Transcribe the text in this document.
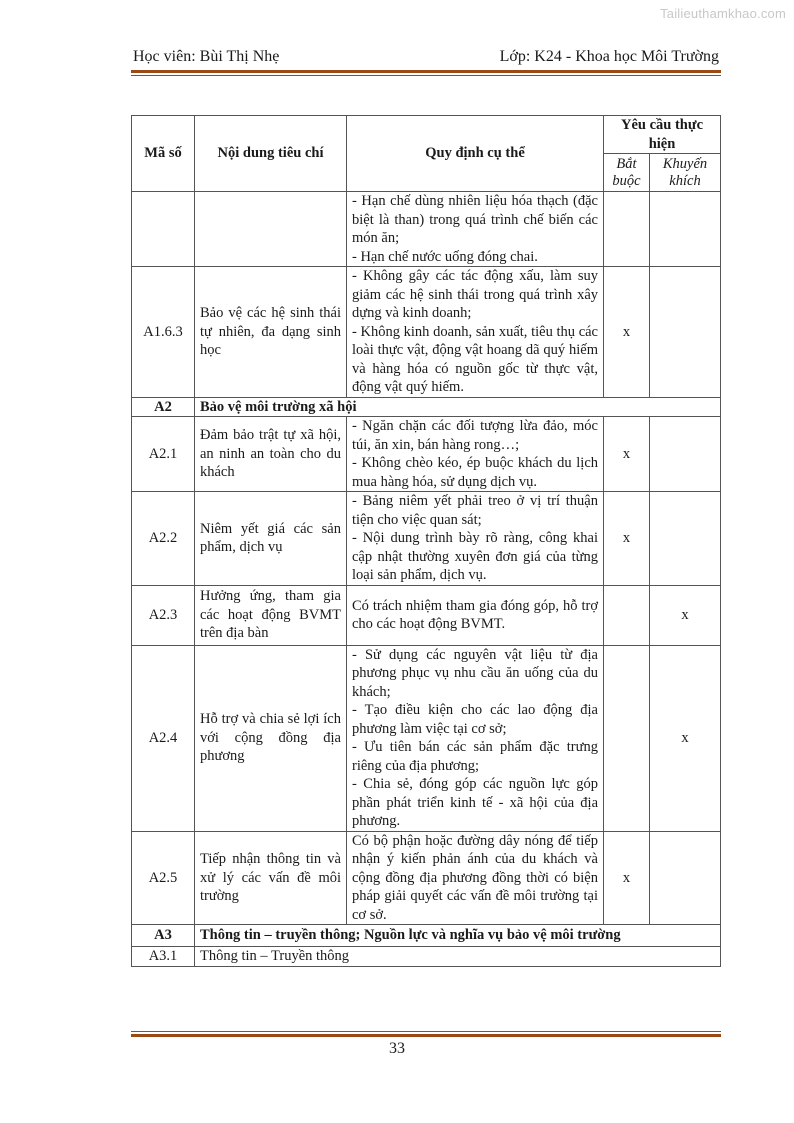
Tailieuthamkhao.com
Học viên: Bùi Thị Nhẹ	Lớp: K24 - Khoa học Môi Trường
Mã số	Nội dung tiêu chí	Quy định cụ thể	Yêu cầu thực hiện	
			Bắt buộc	Khuyến khích
		- Hạn chế dùng nhiên liệu hóa thạch (đặc biệt là than) trong quá trình chế biến các món ăn;
- Hạn chế nước uống đóng chai.		
A1.6.3	Bảo vệ các hệ sinh thái tự nhiên, đa dạng sinh học	- Không gây các tác động xấu, làm suy giảm các hệ sinh thái trong quá trình xây dựng và kinh doanh;
- Không kinh doanh, sản xuất, tiêu thụ các loài thực vật, động vật hoang dã quý hiếm và hàng hóa có nguồn gốc từ thực vật, động vật quý hiếm.	x	
A2	Bảo vệ môi trường xã hội			
A2.1	Đảm bảo trật tự xã hội, an ninh an toàn cho du khách	- Ngăn chặn các đối tượng lừa đảo, móc túi, ăn xin, bán hàng rong…;
- Không chèo kéo, ép buộc khách du lịch mua hàng hóa, sử dụng dịch vụ.	x	
A2.2	Niêm yết giá các sản phẩm, dịch vụ	- Bảng niêm yết phải treo ở vị trí thuận tiện cho việc quan sát;
- Nội dung trình bày rõ ràng, công khai cập nhật thường xuyên đơn giá của từng loại sản phẩm, dịch vụ.	x	
A2.3	Hưởng ứng, tham gia các hoạt động BVMT trên địa bàn	Có trách nhiệm tham gia đóng góp, hỗ trợ cho các hoạt động BVMT.		x
A2.4	Hỗ trợ và chia sẻ lợi ích với cộng đồng địa phương	- Sử dụng các nguyên vật liệu từ địa phương phục vụ nhu cầu ăn uống của du khách;
- Tạo điều kiện cho các lao động địa phương làm việc tại cơ sở;
- Ưu tiên bán các sản phẩm đặc trưng riêng của địa phương;
- Chia sẻ, đóng góp các nguồn lực góp phần phát triển kinh tế - xã hội của địa phương.		x
A2.5	Tiếp nhận thông tin và xử lý các vấn đề môi trường	Có bộ phận hoặc đường dây nóng để tiếp nhận ý kiến phản ánh của du khách và cộng đồng địa phương đồng thời có biện pháp giải quyết các vấn đề môi trường tại cơ sở.	x	
A3	Thông tin – truyền thông; Nguồn lực và nghĩa vụ bảo vệ môi trường			
A3.1	Thông tin – Truyền thông			
33
